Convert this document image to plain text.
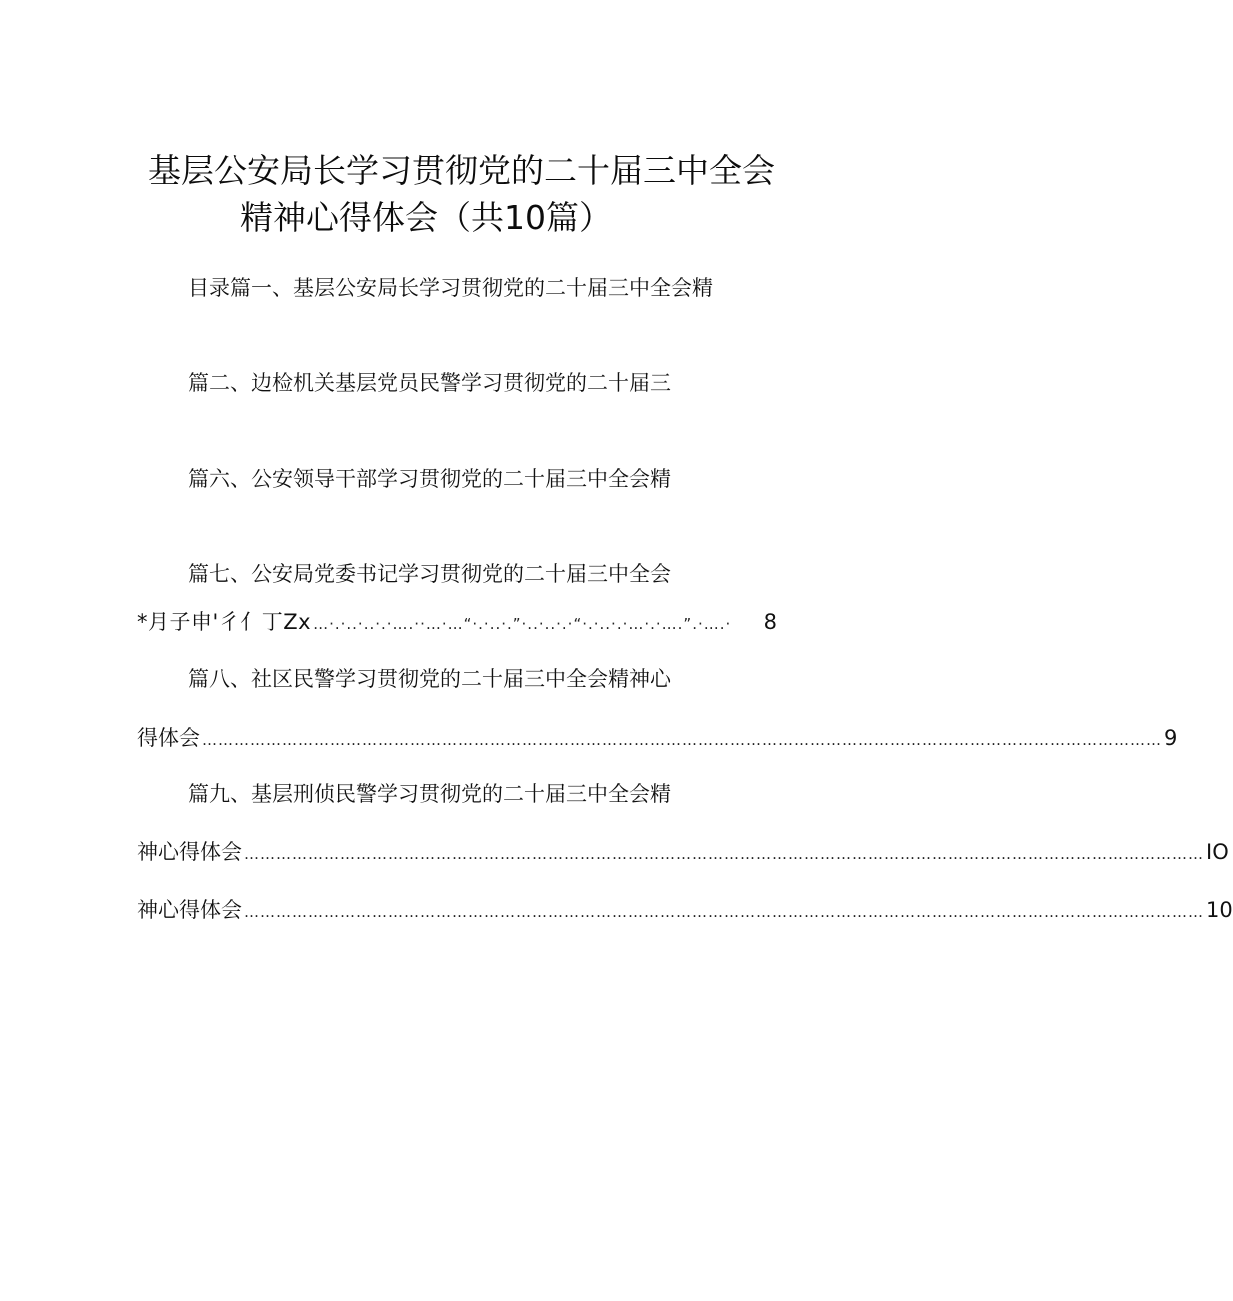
基层公安局长学习贯彻党的二十届三中全会
精神心得体会（共10篇）
目录篇一、基层公安局长学习贯彻党的二十届三中全会精
篇二、边检机关基层党员民警学习贯彻党的二十届三
篇六、公安领导干部学习贯彻党的二十届三中全会精
篇七、公安局党委书记学习贯彻党的二十届三中全会
*月子申'彳亻丁Zx …·.·..·..·.·….··…·…“·.·..·.”·..·..·.·“·.·..·.·…·.·….”.·….·	8
篇八、社区民警学习贯彻党的二十届三中全会精神心
得体会 ……………………………………………………………………………………………………………………………………………………………… 9
篇九、基层刑侦民警学习贯彻党的二十届三中全会精
神心得体会 ……………………………………………………………………………………………………………………………………………………………… IO
神心得体会 ……………………………………………………………………………………………………………………………………………………………… 10
